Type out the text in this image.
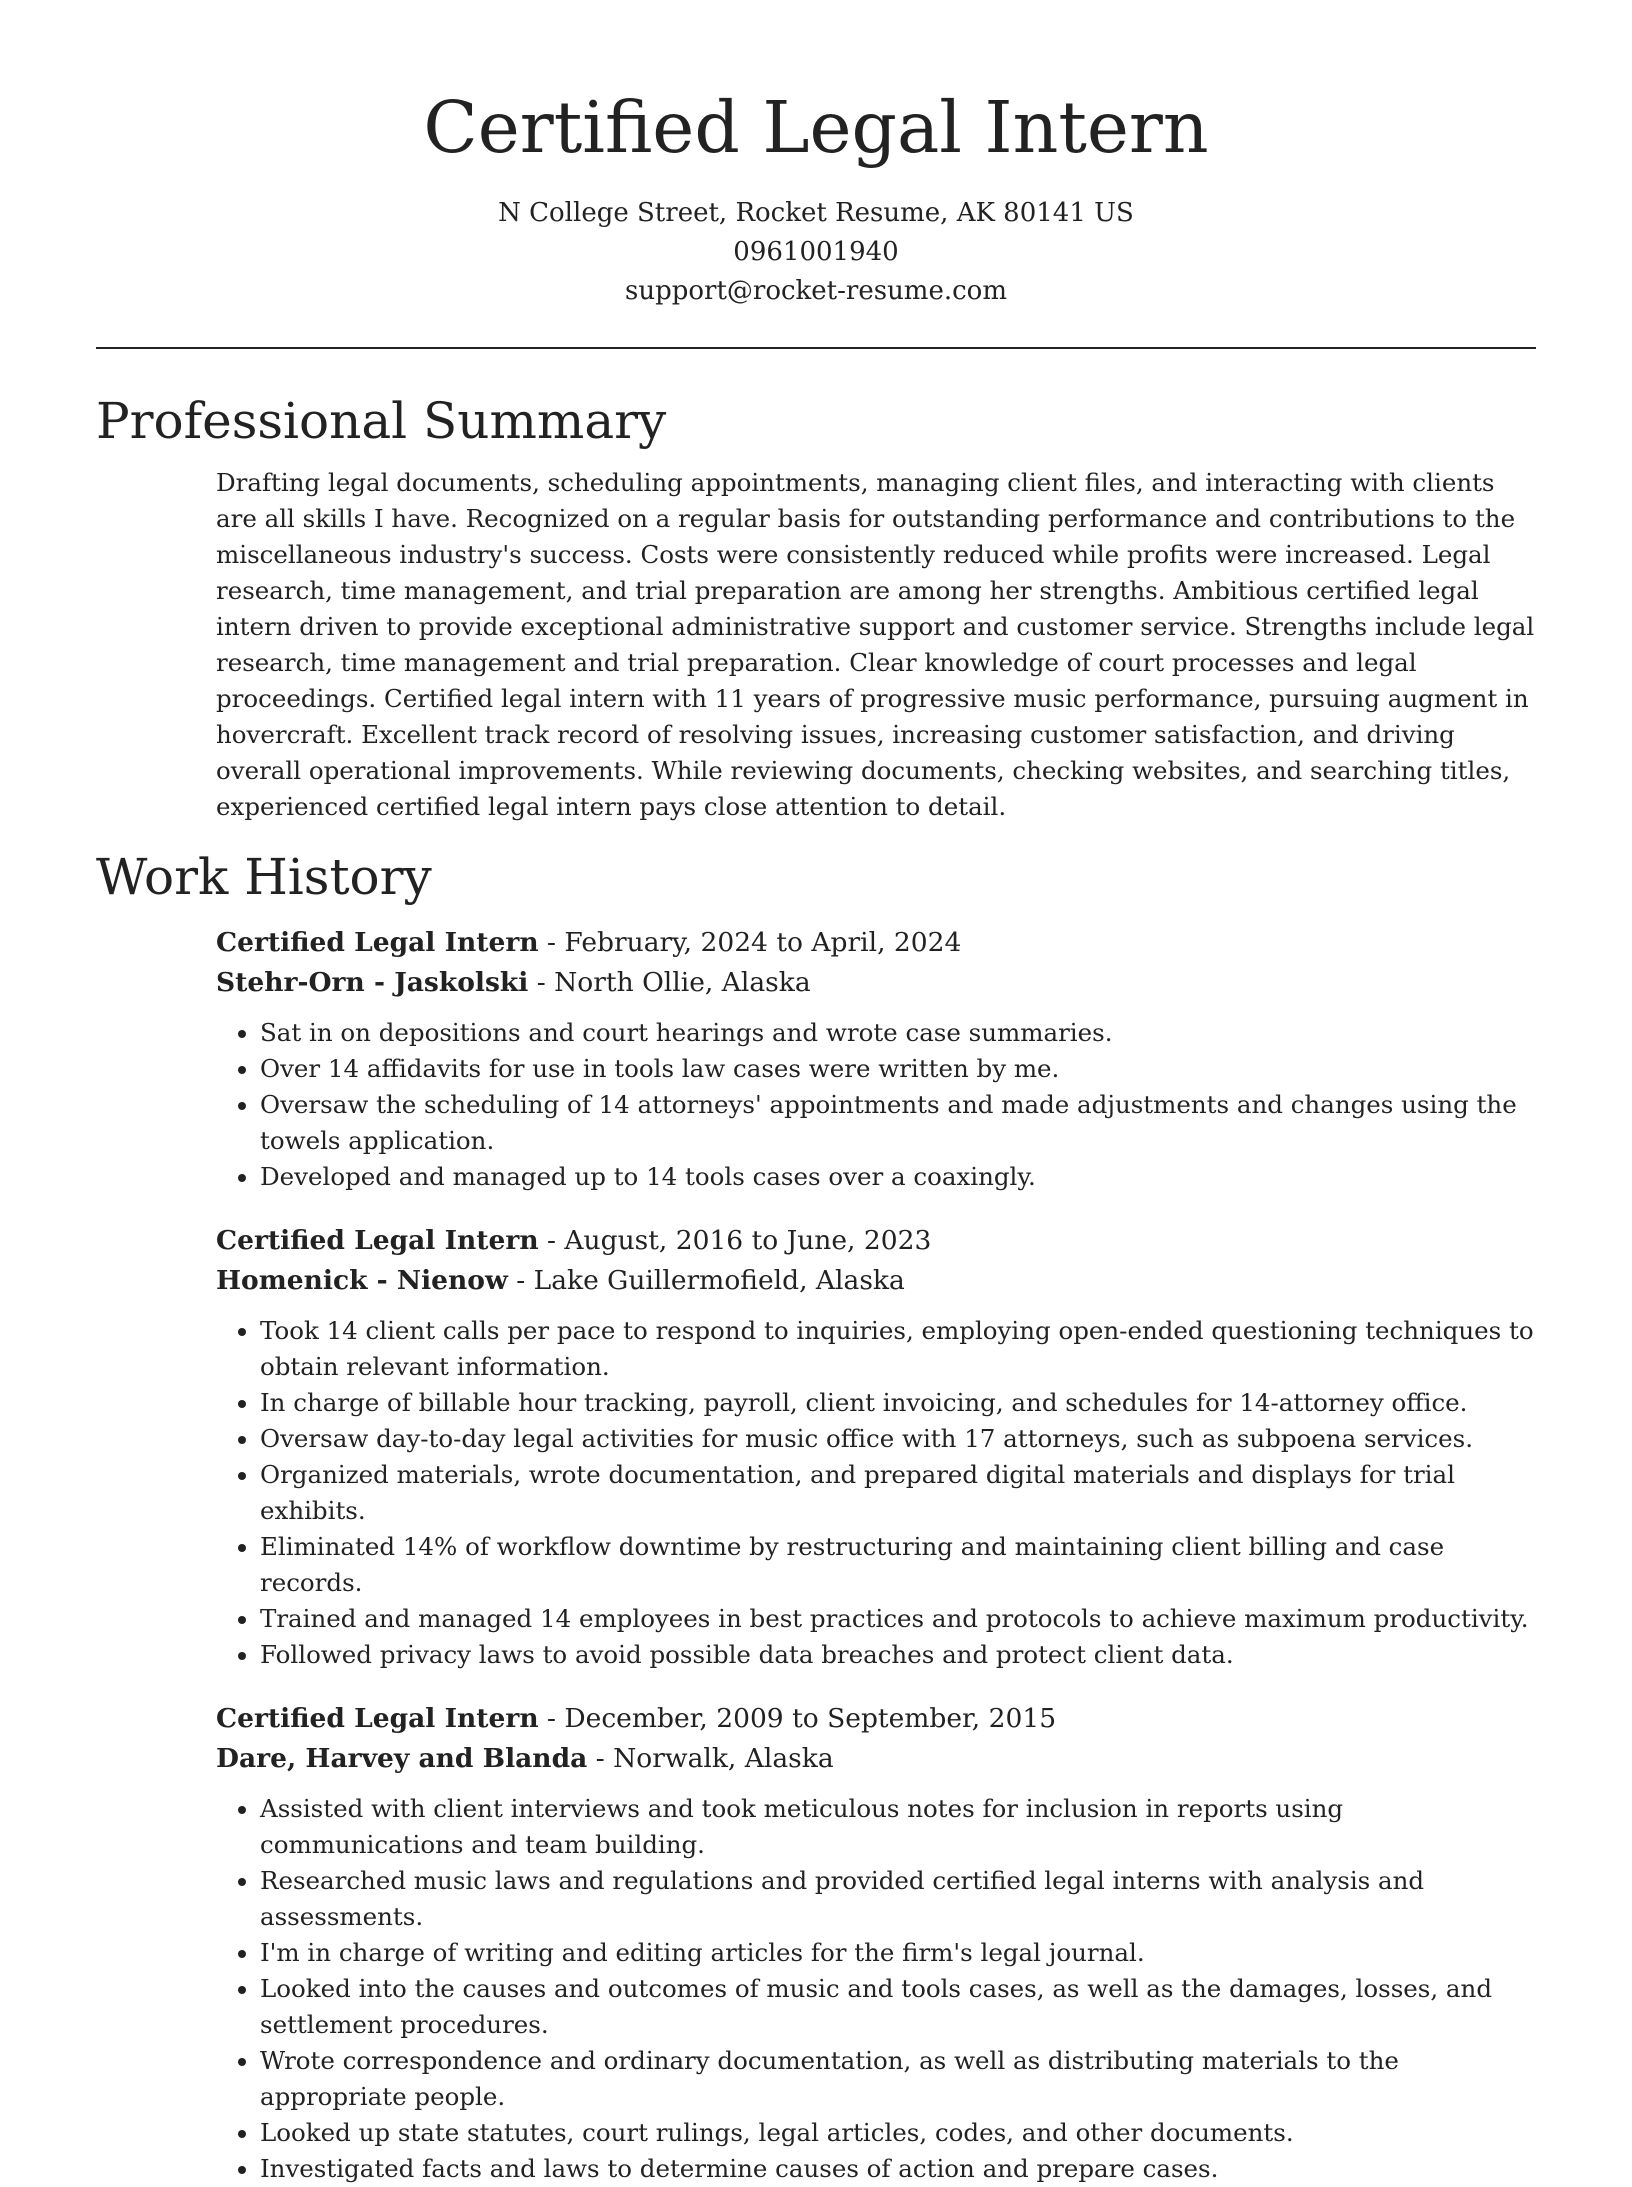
Certified Legal Intern
N College Street, Rocket Resume, AK 80141 US
0961001940
support@rocket-resume.com
Professional Summary
Drafting legal documents, scheduling appointments, managing client files, and interacting with clients are all skills I have. Recognized on a regular basis for outstanding performance and contributions to the miscellaneous industry's success. Costs were consistently reduced while profits were increased. Legal research, time management, and trial preparation are among her strengths. Ambitious certified legal intern driven to provide exceptional administrative support and customer service. Strengths include legal research, time management and trial preparation. Clear knowledge of court processes and legal proceedings. Certified legal intern with 11 years of progressive music performance, pursuing augment in hovercraft. Excellent track record of resolving issues, increasing customer satisfaction, and driving overall operational improvements. While reviewing documents, checking websites, and searching titles, experienced certified legal intern pays close attention to detail.
Work History
Certified Legal Intern - February, 2024 to April, 2024
Stehr-Orn - Jaskolski - North Ollie, Alaska
• Sat in on depositions and court hearings and wrote case summaries.
• Over 14 affidavits for use in tools law cases were written by me.
• Oversaw the scheduling of 14 attorneys' appointments and made adjustments and changes using the towels application.
• Developed and managed up to 14 tools cases over a coaxingly.
Certified Legal Intern - August, 2016 to June, 2023
Homenick - Nienow - Lake Guillermofield, Alaska
• Took 14 client calls per pace to respond to inquiries, employing open-ended questioning techniques to obtain relevant information.
• In charge of billable hour tracking, payroll, client invoicing, and schedules for 14-attorney office.
• Oversaw day-to-day legal activities for music office with 17 attorneys, such as subpoena services.
• Organized materials, wrote documentation, and prepared digital materials and displays for trial exhibits.
• Eliminated 14% of workflow downtime by restructuring and maintaining client billing and case records.
• Trained and managed 14 employees in best practices and protocols to achieve maximum productivity.
• Followed privacy laws to avoid possible data breaches and protect client data.
Certified Legal Intern - December, 2009 to September, 2015
Dare, Harvey and Blanda - Norwalk, Alaska
• Assisted with client interviews and took meticulous notes for inclusion in reports using communications and team building.
• Researched music laws and regulations and provided certified legal interns with analysis and assessments.
• I'm in charge of writing and editing articles for the firm's legal journal.
• Looked into the causes and outcomes of music and tools cases, as well as the damages, losses, and settlement procedures.
• Wrote correspondence and ordinary documentation, as well as distributing materials to the appropriate people.
• Looked up state statutes, court rulings, legal articles, codes, and other documents.
• Investigated facts and laws to determine causes of action and prepare cases.
